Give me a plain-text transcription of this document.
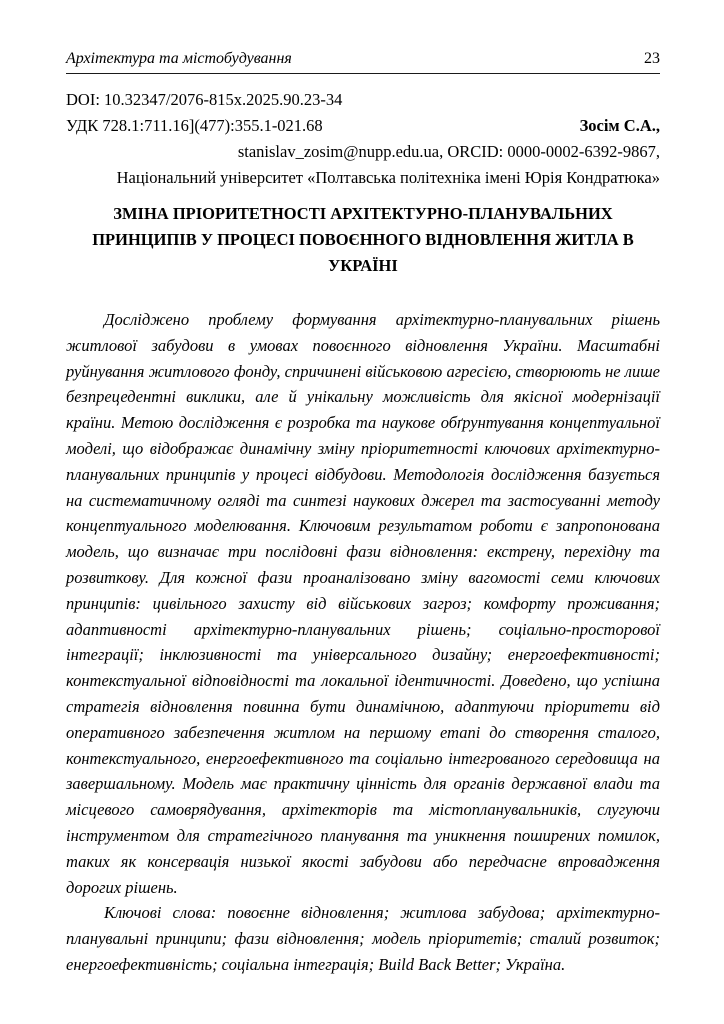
Архітектура та містобудування	23
DOI: 10.32347/2076-815x.2025.90.23-34
УДК 728.1:711.16](477):355.1-021.68	Зосім С.А.,
stanislav_zosim@nupp.edu.ua, ORCID: 0000-0002-6392-9867,
Національний університет «Полтавська політехніка імені Юрія Кондратюка»
ЗМІНА ПРІОРИТЕТНОСТІ АРХІТЕКТУРНО-ПЛАНУВАЛЬНИХ ПРИНЦИПІВ У ПРОЦЕСІ ПОВОЄННОГО ВІДНОВЛЕННЯ ЖИТЛА В УКРАЇНІ

Досліджено проблему формування архітектурно-планувальних рішень житлової забудови в умовах повоєнного відновлення України. Масштабні руйнування житлового фонду, спричинені військовою агресією, створюють не лише безпрецедентні виклики, але й унікальну можливість для якісної модернізації країни. Метою дослідження є розробка та наукове обґрунтування концептуальної моделі, що відображає динамічну зміну пріоритетності ключових архітектурно-планувальних принципів у процесі відбудови. Методологія дослідження базується на систематичному огляді та синтезі наукових джерел та застосуванні методу концептуального моделювання. Ключовим результатом роботи є запропонована модель, що визначає три послідовні фази відновлення: екстрену, перехідну та розвиткову. Для кожної фази проаналізовано зміну вагомості семи ключових принципів: цивільного захисту від військових загроз; комфорту проживання; адаптивності архітектурно-планувальних рішень; соціально-просторової інтеграції; інклюзивності та універсального дизайну; енергоефективності; контекстуальної відповідності та локальної ідентичності. Доведено, що успішна стратегія відновлення повинна бути динамічною, адаптуючи пріоритети від оперативного забезпечення житлом на першому етапі до створення сталого, контекстуального, енергоефективного та соціально інтегрованого середовища на завершальному. Модель має практичну цінність для органів державної влади та місцевого самоврядування, архітекторів та містопланувальників, слугуючи інструментом для стратегічного планування та уникнення поширених помилок, таких як консервація низької якості забудови або передчасне впровадження дорогих рішень.

Ключові слова: повоєнне відновлення; житлова забудова; архітектурно-планувальні принципи; фази відновлення; модель пріоритетів; сталий розвиток; енергоефективність; соціальна інтеграція; Build Back Better; Україна.
